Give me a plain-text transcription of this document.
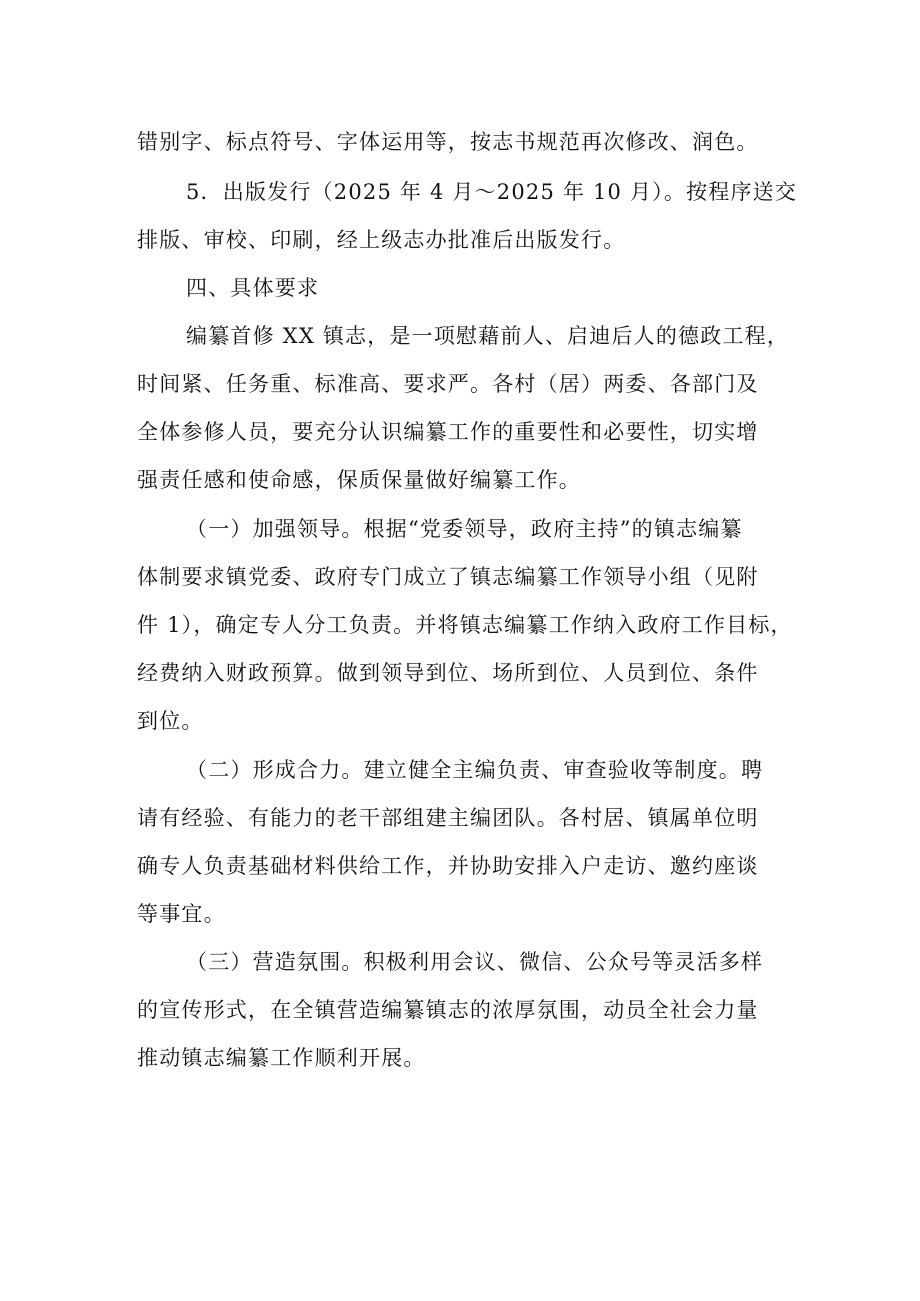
错别字、标点符号、字体运用等，按志书规范再次修改、润色。
5．出版发行（2025 年 4 月～2025 年 10 月）。按程序送交
排版、审校、印刷，经上级志办批准后出版发行。
四、具体要求
编纂首修 XX 镇志，是一项慰藉前人、启迪后人的德政工程，
时间紧、任务重、标准高、要求严。各村（居）两委、各部门及
全体参修人员，要充分认识编纂工作的重要性和必要性，切实增
强责任感和使命感，保质保量做好编纂工作。
（一）加强领导。根据“党委领导，政府主持”的镇志编纂
体制要求镇党委、政府专门成立了镇志编纂工作领导小组（见附
件 1），确定专人分工负责。并将镇志编纂工作纳入政府工作目标，
经费纳入财政预算。做到领导到位、场所到位、人员到位、条件
到位。
（二）形成合力。建立健全主编负责、审查验收等制度。聘
请有经验、有能力的老干部组建主编团队。各村居、镇属单位明
确专人负责基础材料供给工作，并协助安排入户走访、邀约座谈
等事宜。
（三）营造氛围。积极利用会议、微信、公众号等灵活多样
的宣传形式，在全镇营造编纂镇志的浓厚氛围，动员全社会力量
推动镇志编纂工作顺利开展。
